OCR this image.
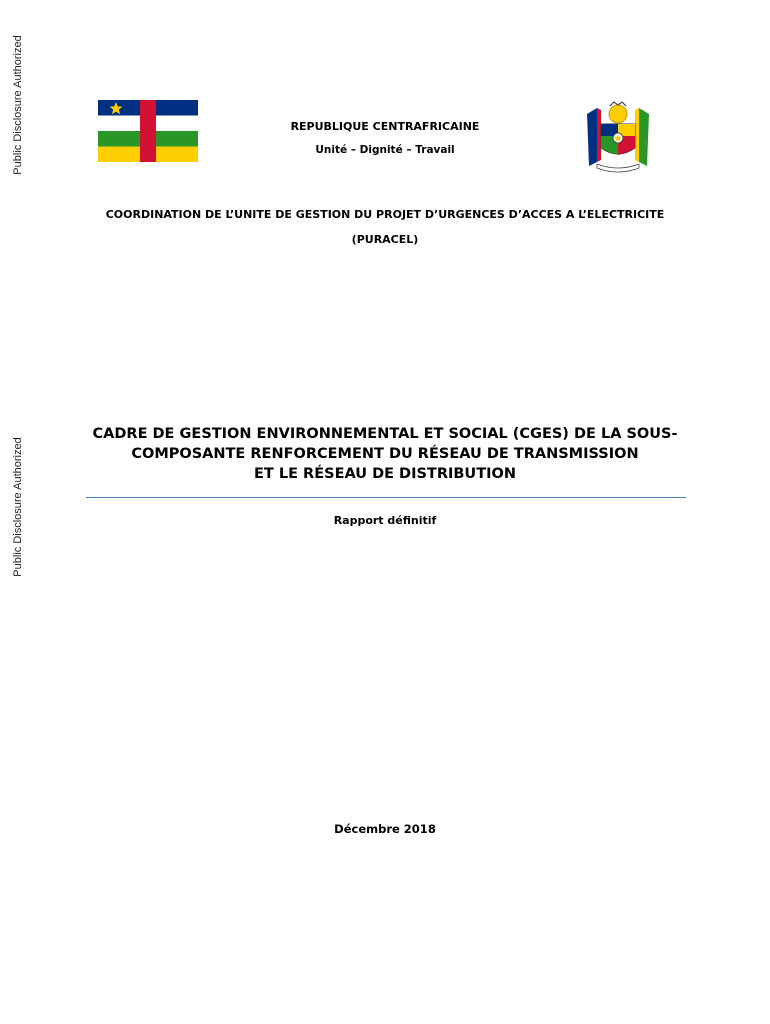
Public Disclosure Authorized
Public Disclosure Authorized
REPUBLIQUE CENTRAFRICAINE
Unité – Dignité – Travail
COORDINATION DE L’UNITE DE GESTION DU PROJET D’URGENCES D’ACCES A L’ELECTRICITE
(PURACEL)
CADRE DE GESTION ENVIRONNEMENTAL ET SOCIAL (CGES) DE LA SOUS-
COMPOSANTE RENFORCEMENT DU RÉSEAU DE TRANSMISSION
ET LE RÉSEAU DE DISTRIBUTION
Rapport définitif
Décembre 2018
